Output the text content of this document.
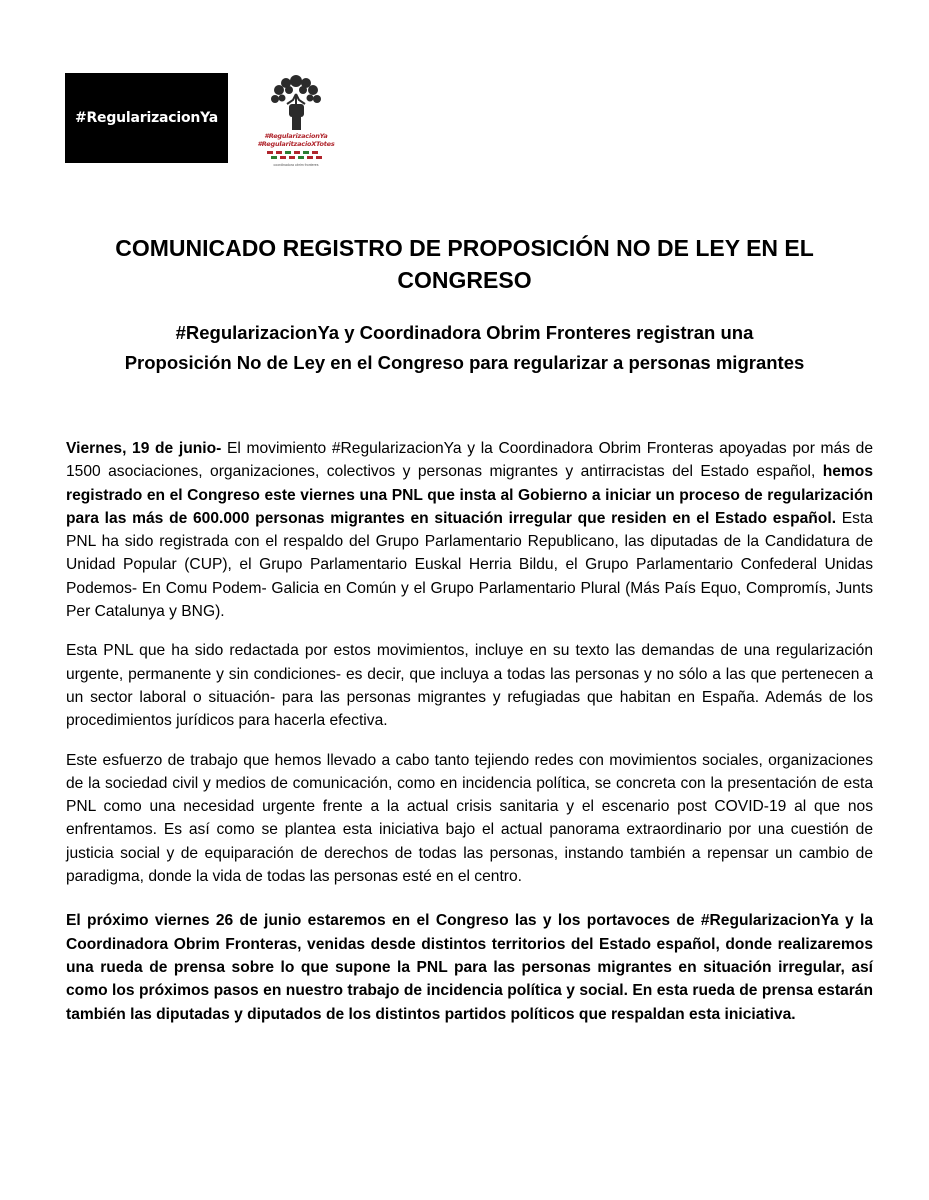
#RegularizacionYa
#RegularizacionYa
#RegularitzacioXTotes
coordinadora obrim fronteres
COMUNICADO REGISTRO DE PROPOSICIÓN NO DE LEY EN EL
CONGRESO
#RegularizacionYa y Coordinadora Obrim Fronteres registran una
Proposición No de Ley en el Congreso para regularizar a personas migrantes

Viernes, 19 de junio- El movimiento #RegularizacionYa y la Coordinadora Obrim Fronteras apoyadas por más de 1500 asociaciones, organizaciones, colectivos y personas migrantes y antirracistas del Estado español, hemos registrado en el Congreso este viernes una PNL que insta al Gobierno a iniciar un proceso de regularización para las más de 600.000 personas migrantes en situación irregular que residen en el Estado español. Esta PNL ha sido registrada con el respaldo del Grupo Parlamentario Republicano, las diputadas de la Candidatura de Unidad Popular (CUP), el Grupo Parlamentario Euskal Herria Bildu, el Grupo Parlamentario Confederal Unidas Podemos- En Comu Podem- Galicia en Común y el Grupo Parlamentario Plural (Más País Equo, Compromís, Junts Per Catalunya y BNG).

Esta PNL que ha sido redactada por estos movimientos, incluye en su texto las demandas de una regularización urgente, permanente y sin condiciones- es decir, que incluya a todas las personas y no sólo a las que pertenecen a un sector laboral o situación- para las personas migrantes y refugiadas que habitan en España. Además de los procedimientos jurídicos para hacerla efectiva.

Este esfuerzo de trabajo que hemos llevado a cabo tanto tejiendo redes con movimientos sociales, organizaciones de la sociedad civil y medios de comunicación, como en incidencia política, se concreta con la presentación de esta PNL como una necesidad urgente frente a la actual crisis sanitaria y el escenario post COVID-19 al que nos enfrentamos. Es así como se plantea esta iniciativa bajo el actual panorama extraordinario por una cuestión de justicia social y de equiparación de derechos de todas las personas, instando también a repensar un cambio de paradigma, donde la vida de todas las personas esté en el centro.

El próximo viernes 26 de junio estaremos en el Congreso las y los portavoces de #RegularizacionYa y la Coordinadora Obrim Fronteras, venidas desde distintos territorios del Estado español, donde realizaremos una rueda de prensa sobre lo que supone la PNL para las personas migrantes en situación irregular, así como los próximos pasos en nuestro trabajo de incidencia política y social. En esta rueda de prensa estarán también las diputadas y diputados de los distintos partidos políticos que respaldan esta iniciativa.
